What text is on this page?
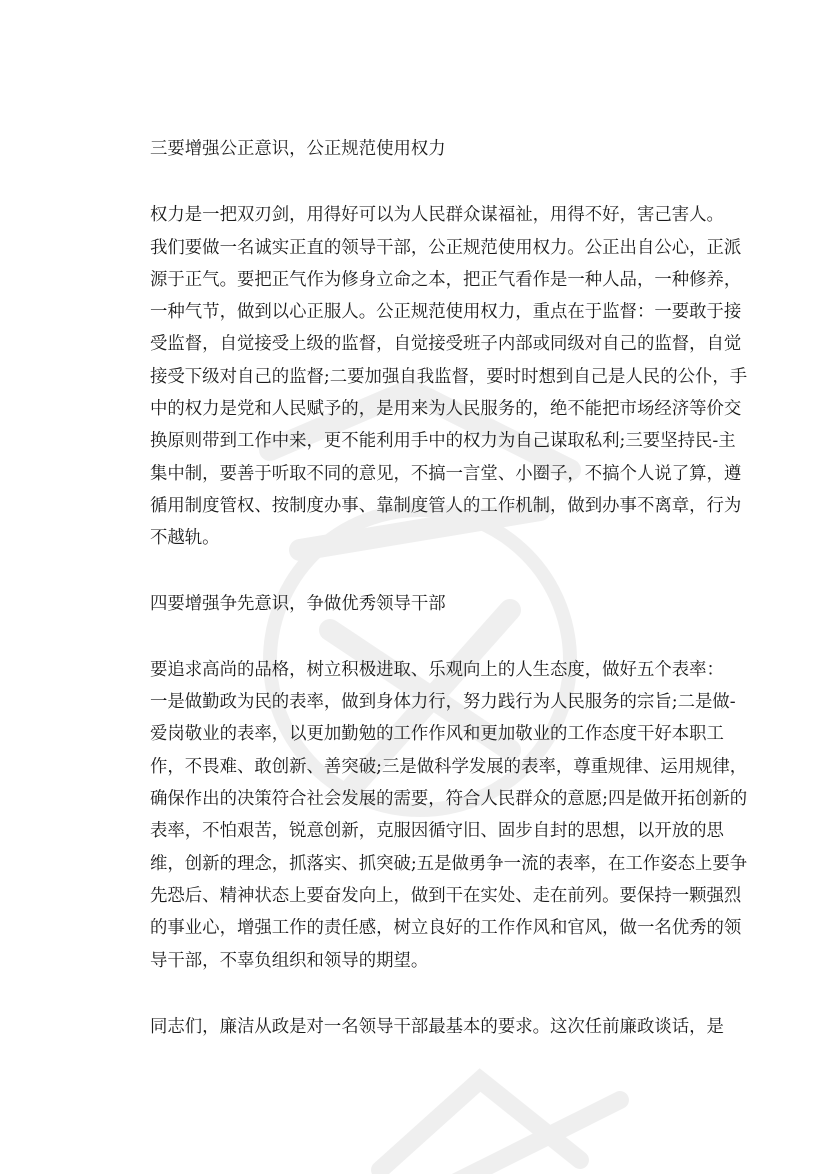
三要增强公正意识，公正规范使用权力

权力是一把双刃剑，用得好可以为人民群众谋福祉，用得不好，害己害人。
我们要做一名诚实正直的领导干部，公正规范使用权力。公正出自公心，正派
源于正气。要把正气作为修身立命之本，把正气看作是一种人品，一种修养，
一种气节，做到以心正服人。公正规范使用权力，重点在于监督：一要敢于接
受监督，自觉接受上级的监督，自觉接受班子内部或同级对自己的监督，自觉
接受下级对自己的监督;二要加强自我监督，要时时想到自己是人民的公仆，手
中的权力是党和人民赋予的，是用来为人民服务的，绝不能把市场经济等价交
换原则带到工作中来，更不能利用手中的权力为自己谋取私利;三要坚持民-主
集中制，要善于听取不同的意见，不搞一言堂、小圈子，不搞个人说了算，遵
循用制度管权、按制度办事、靠制度管人的工作机制，做到办事不离章，行为
不越轨。

四要增强争先意识，争做优秀领导干部

要追求高尚的品格，树立积极进取、乐观向上的人生态度，做好五个表率：
一是做勤政为民的表率，做到身体力行，努力践行为人民服务的宗旨;二是做-
爱岗敬业的表率，以更加勤勉的工作作风和更加敬业的工作态度干好本职工
作，不畏难、敢创新、善突破;三是做科学发展的表率，尊重规律、运用规律，
确保作出的决策符合社会发展的需要，符合人民群众的意愿;四是做开拓创新的
表率，不怕艰苦，锐意创新，克服因循守旧、固步自封的思想，以开放的思
维，创新的理念，抓落实、抓突破;五是做勇争一流的表率，在工作姿态上要争
先恐后、精神状态上要奋发向上，做到干在实处、走在前列。要保持一颗强烈
的事业心，增强工作的责任感，树立良好的工作作风和官风，做一名优秀的领
导干部，不辜负组织和领导的期望。

同志们，廉洁从政是对一名领导干部最基本的要求。这次任前廉政谈话，是
